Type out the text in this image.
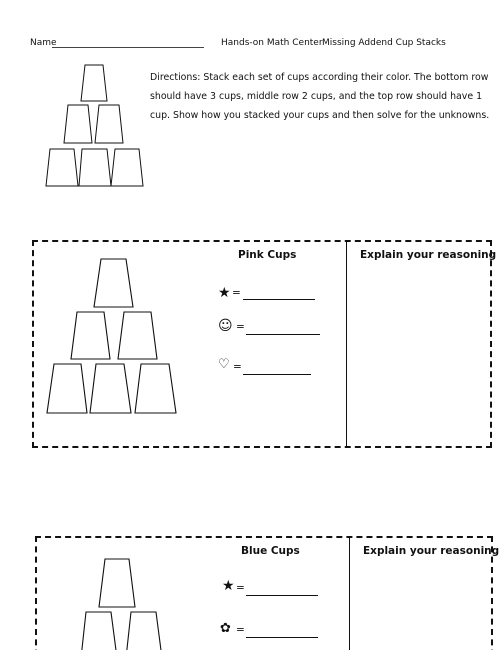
Name	Hands-on Math Center Missing Addend Cup Stacks

Directions: Stack each set of cups according their color. The bottom row should have 3 cups, middle row 2 cups, and the top row should have 1 cup. Show how you stacked your cups and then solve for the unknowns.

Pink Cups	Explain your reasoning
★ =
☺ =
♡ =
Blue Cups	Explain your reasoning
★ =
✿ =
